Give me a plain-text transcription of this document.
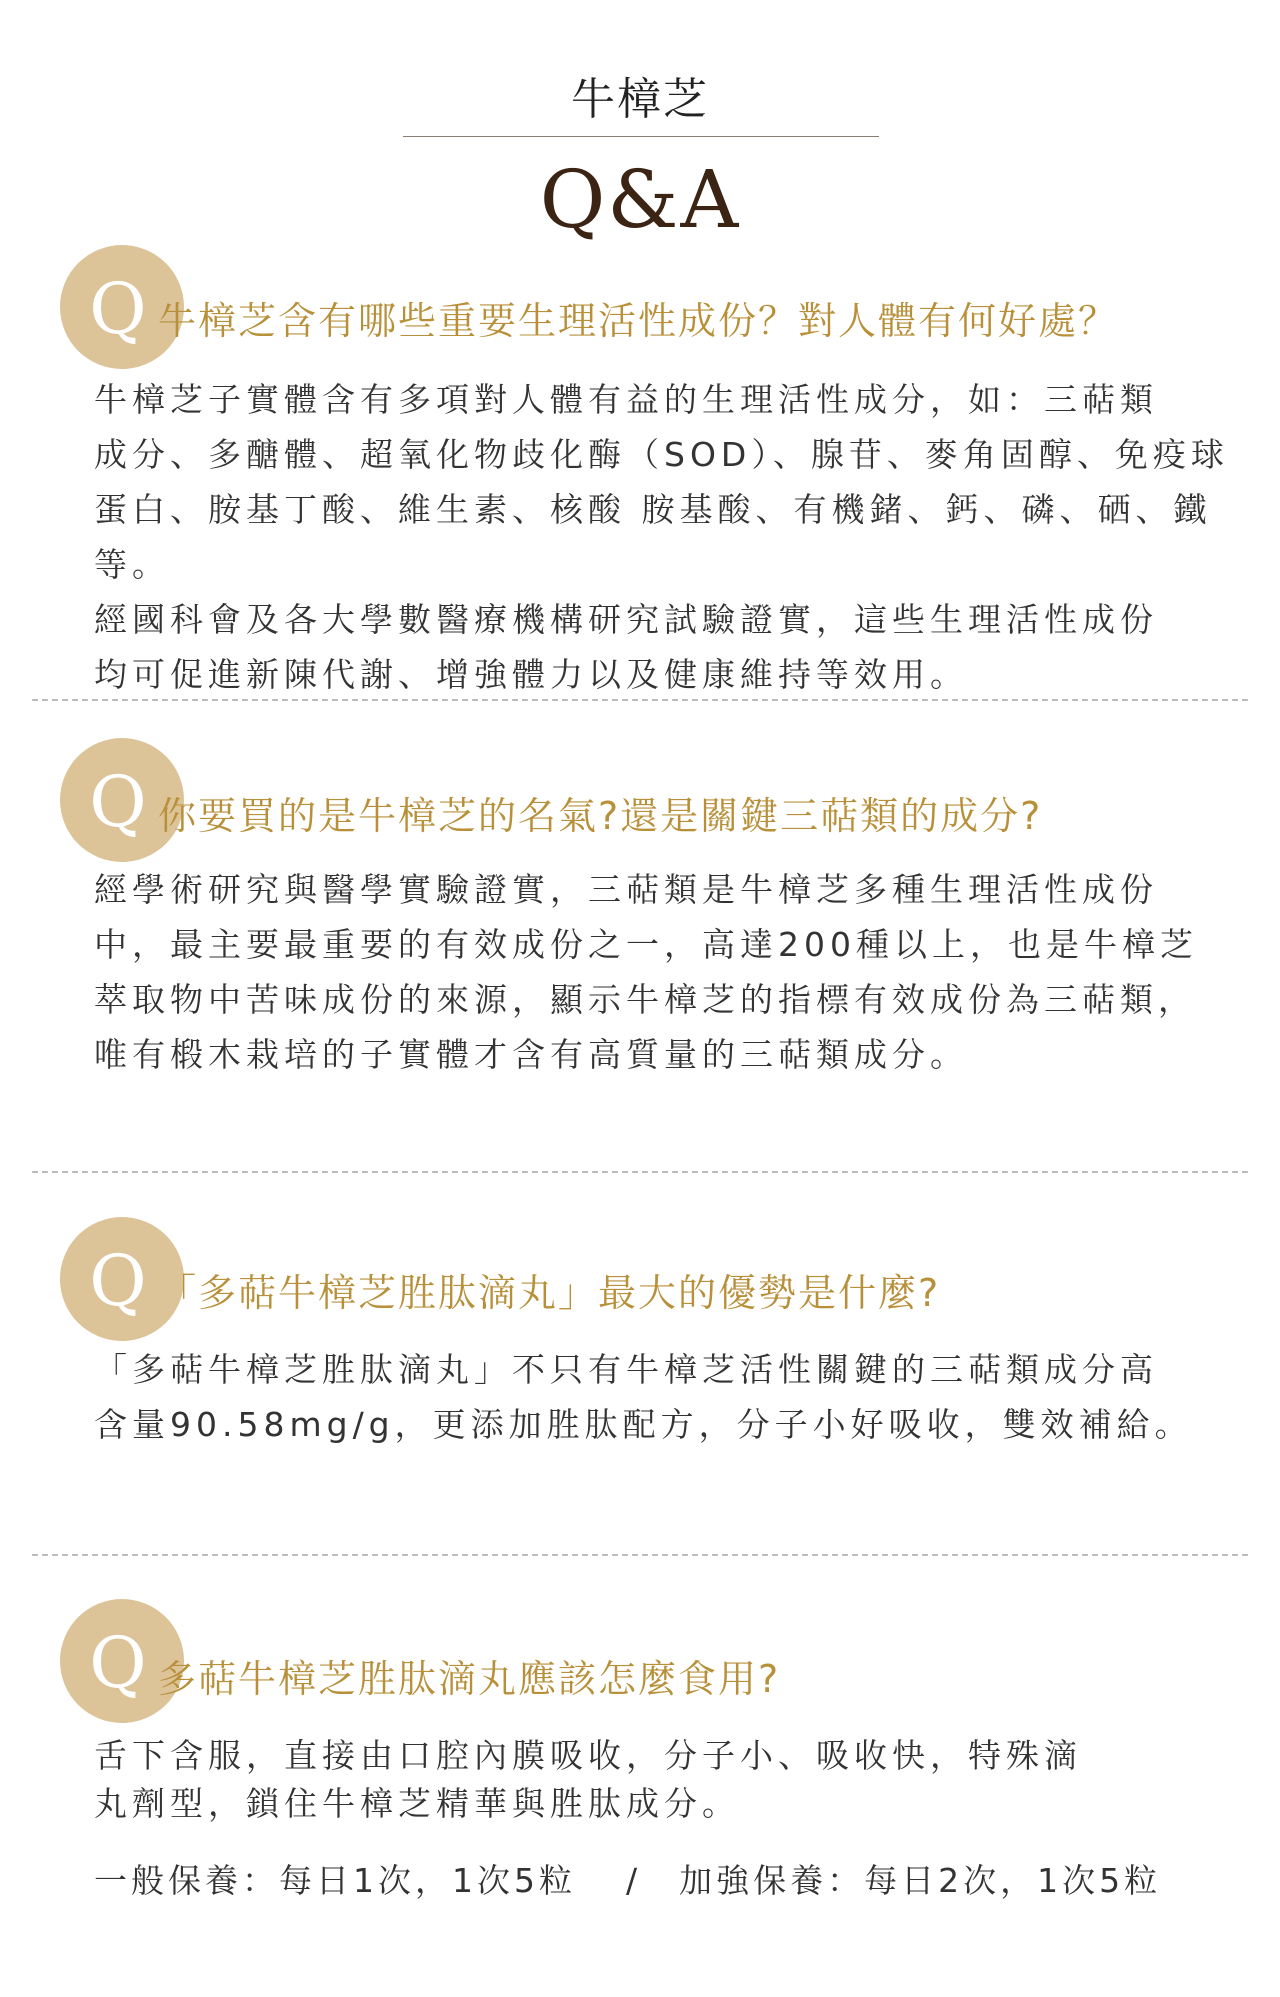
牛樟芝
Q&A
Q 牛樟芝含有哪些重要生理活性成份？對人體有何好處？

牛樟芝子實體含有多項對人體有益的生理活性成分，如：三萜類

成分、多醣體、超氧化物歧化酶（SOD）、腺苷、麥角固醇、免疫球

蛋白、胺基丁酸、維生素、核酸 胺基酸、有機鍺、鈣、磷、硒、鐵等。

經國科會及各大學數醫療機構研究試驗證實，這些生理活性成份

均可促進新陳代謝、增強體力以及健康維持等效用。

Q 你要買的是牛樟芝的名氣?還是關鍵三萜類的成分?

經學術研究與醫學實驗證實，三萜類是牛樟芝多種生理活性成份

中，最主要最重要的有效成份之一，高達200種以上，也是牛樟芝

萃取物中苦味成份的來源，顯示牛樟芝的指標有效成份為三萜類，

唯有椴木栽培的子實體才含有高質量的三萜類成分。

Q 「多萜牛樟芝胜肽滴丸」最大的優勢是什麼?

「多萜牛樟芝胜肽滴丸」不只有牛樟芝活性關鍵的三萜類成分高

含量90.58mg/g，更添加胜肽配方，分子小好吸收，雙效補給。

Q 多萜牛樟芝胜肽滴丸應該怎麼食用?

舌下含服，直接由口腔內膜吸收，分子小、吸收快，特殊滴

丸劑型，鎖住牛樟芝精華與胜肽成分。

一般保養：每日1次，1次5粒 / 加強保養：每日2次，1次5粒
